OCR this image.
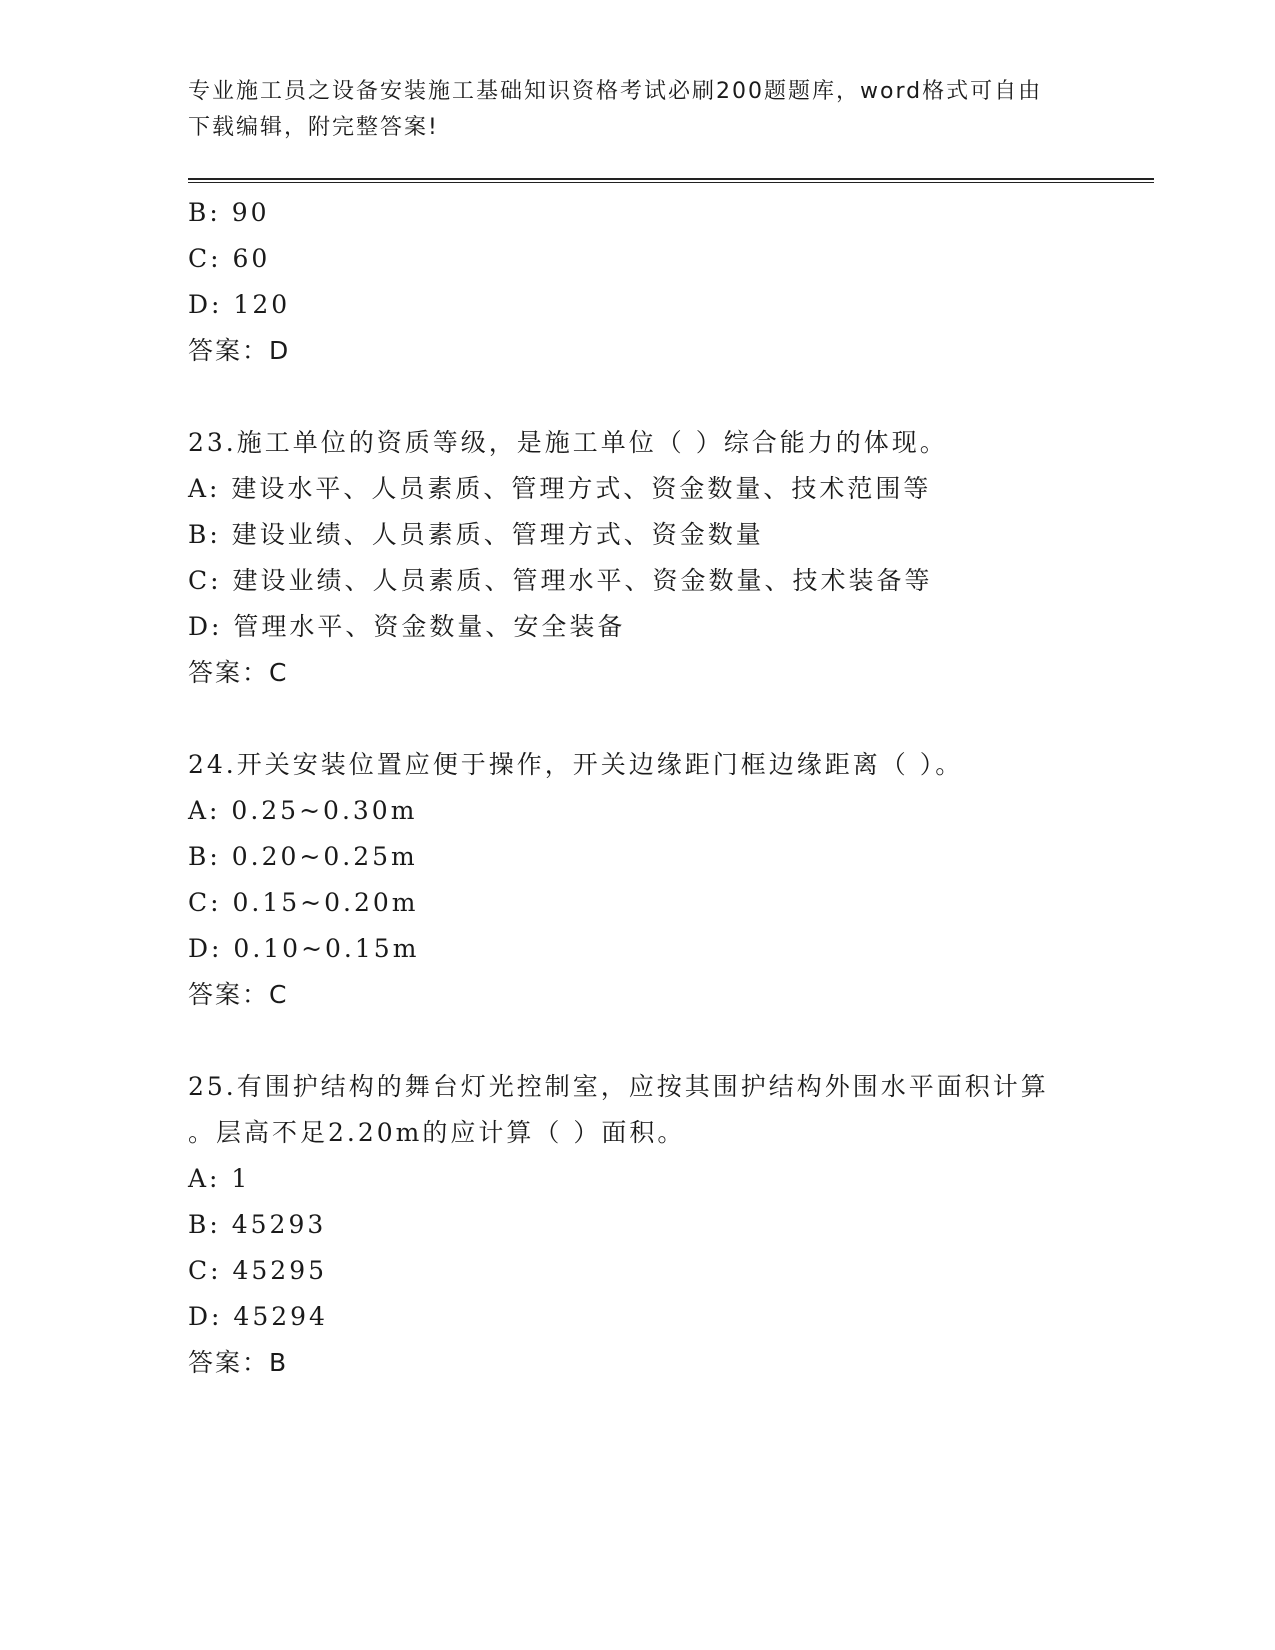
专业施工员之设备安装施工基础知识资格考试必刷200题题库，word格式可自由
下载编辑，附完整答案!
B: 90
C: 60
D: 120
答案：D
23.施工单位的资质等级，是施工单位（ ）综合能力的体现。
A: 建设水平、人员素质、管理方式、资金数量、技术范围等
B: 建设业绩、人员素质、管理方式、资金数量
C: 建设业绩、人员素质、管理水平、资金数量、技术装备等
D: 管理水平、资金数量、安全装备
答案：C
24.开关安装位置应便于操作，开关边缘距门框边缘距离（ ）。
A: 0.25~0.30m
B: 0.20~0.25m
C: 0.15~0.20m
D: 0.10~0.15m
答案：C
25.有围护结构的舞台灯光控制室，应按其围护结构外围水平面积计算
。层高不足2.20m的应计算（ ）面积。
A: 1
B: 45293
C: 45295
D: 45294
答案：B
